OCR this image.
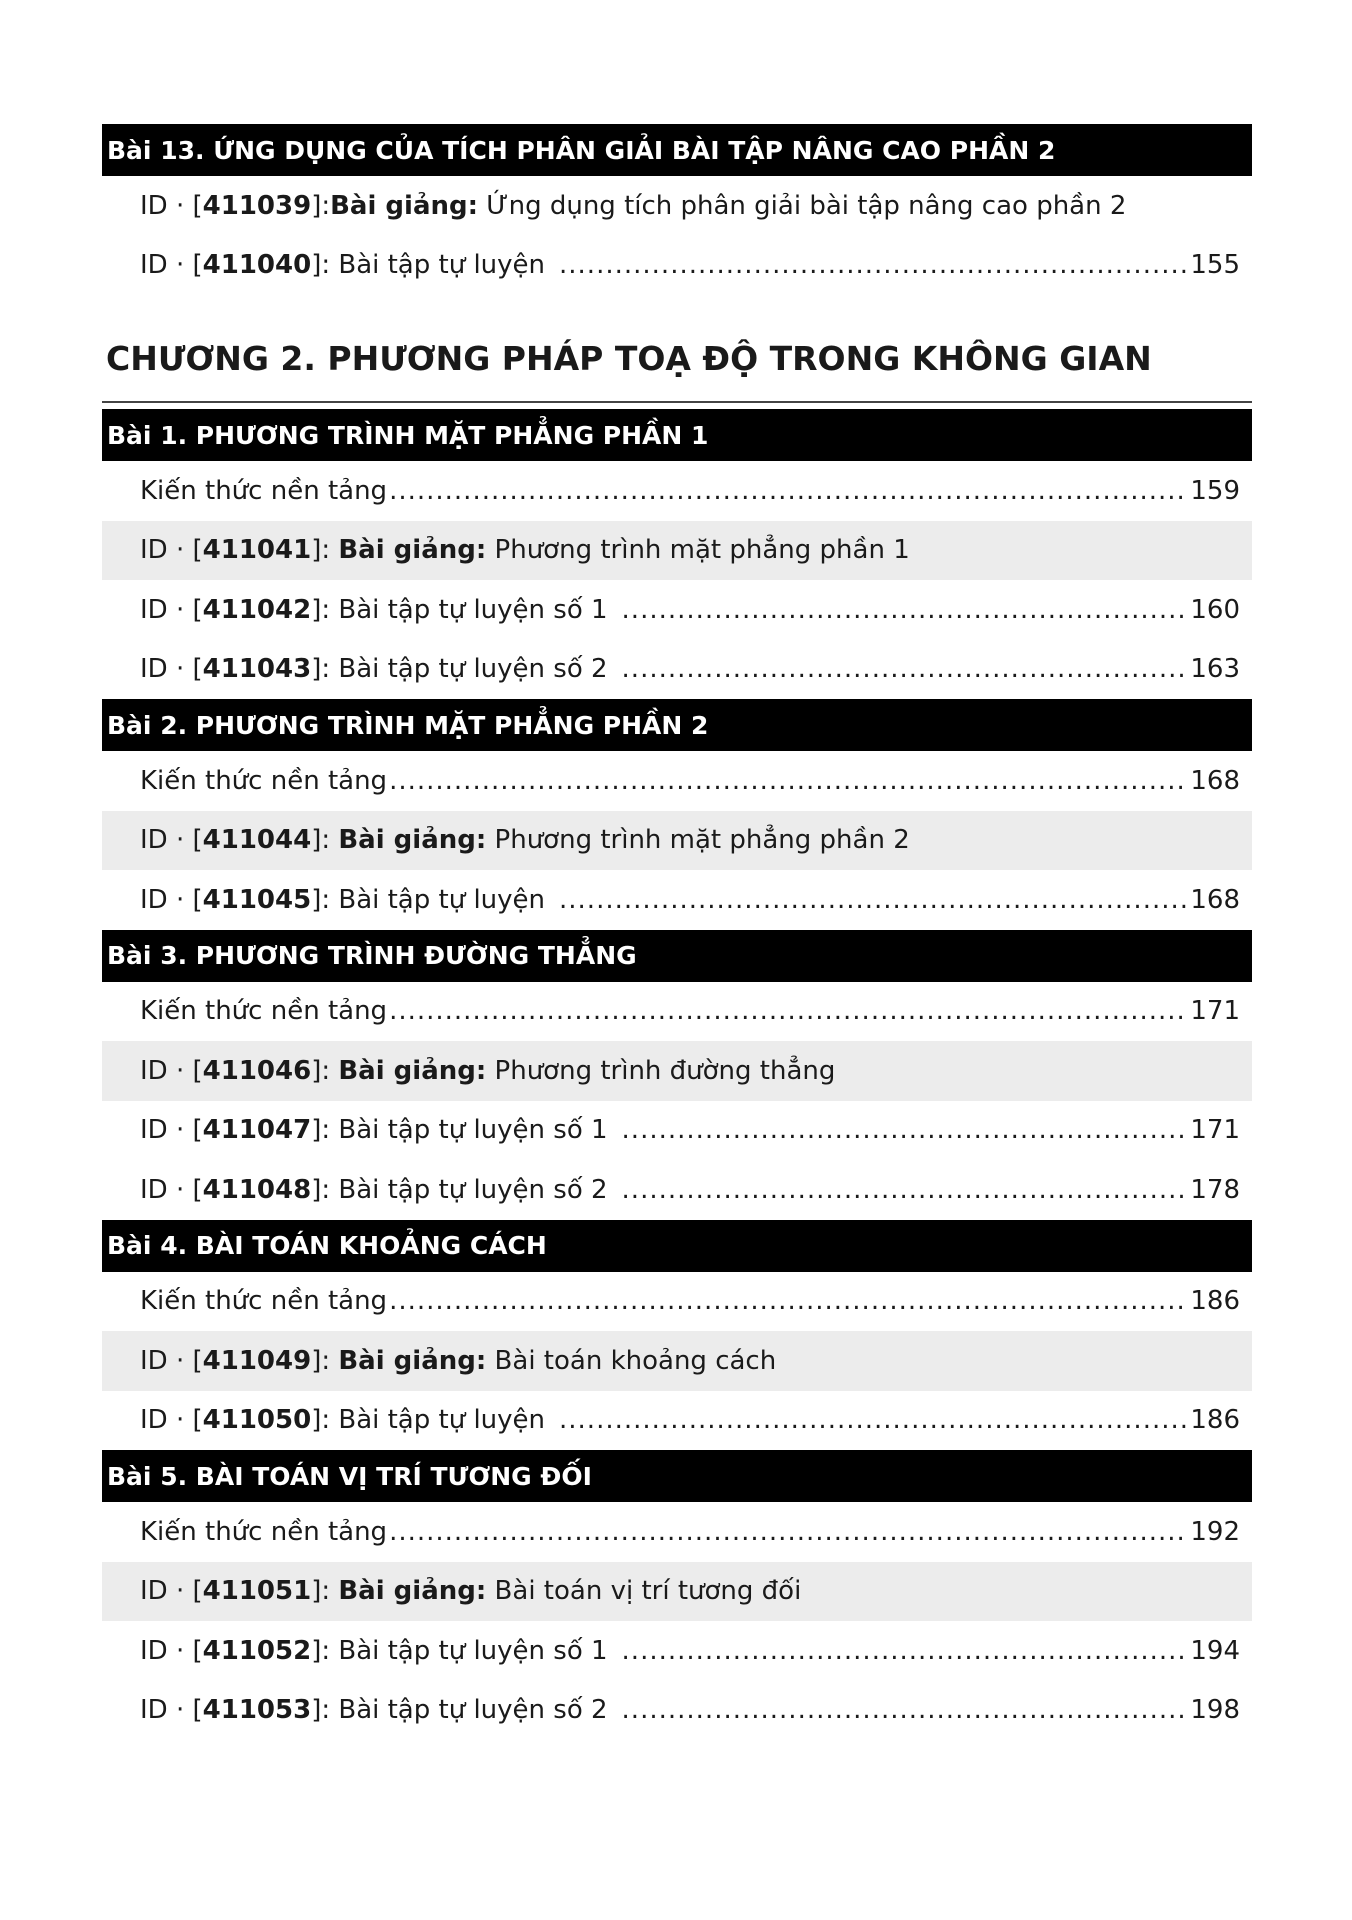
Bài 13. ỨNG DỤNG CỦA TÍCH PHÂN GIẢI BÀI TẬP NÂNG CAO PHẦN 2
ID · [ 411039 ]: Bài giảng: Ứng dụng tích phân giải bài tập nâng cao phần 2
ID · [ 411040 ]: Bài tập tự luyện .....	155
CHƯƠNG 2. PHƯƠNG PHÁP TOẠ ĐỘ TRONG KHÔNG GIAN
Bài 1. PHƯƠNG TRÌNH MẶT PHẲNG PHẦN 1
Kiến thức nền tảng .....	159
ID · [ 411041 ]: Bài giảng: Phương trình mặt phẳng phần 1
ID · [ 411042 ]: Bài tập tự luyện số 1 .....	160
ID · [ 411043 ]: Bài tập tự luyện số 2 .....	163
Bài 2. PHƯƠNG TRÌNH MẶT PHẲNG PHẦN 2
Kiến thức nền tảng .....	168
ID · [ 411044 ]: Bài giảng: Phương trình mặt phẳng phần 2
ID · [ 411045 ]: Bài tập tự luyện .....	168
Bài 3. PHƯƠNG TRÌNH ĐƯỜNG THẲNG
Kiến thức nền tảng .....	171
ID · [ 411046 ]: Bài giảng: Phương trình đường thẳng
ID · [ 411047 ]: Bài tập tự luyện số 1 .....	171
ID · [ 411048 ]: Bài tập tự luyện số 2 .....	178
Bài 4. BÀI TOÁN KHOẢNG CÁCH
Kiến thức nền tảng .....	186
ID · [ 411049 ]: Bài giảng: Bài toán khoảng cách
ID · [ 411050 ]: Bài tập tự luyện .....	186
Bài 5. BÀI TOÁN VỊ TRÍ TƯƠNG ĐỐI
Kiến thức nền tảng .....	192
ID · [ 411051 ]: Bài giảng: Bài toán vị trí tương đối
ID · [ 411052 ]: Bài tập tự luyện số 1 .....	194
ID · [ 411053 ]: Bài tập tự luyện số 2 .....	198
